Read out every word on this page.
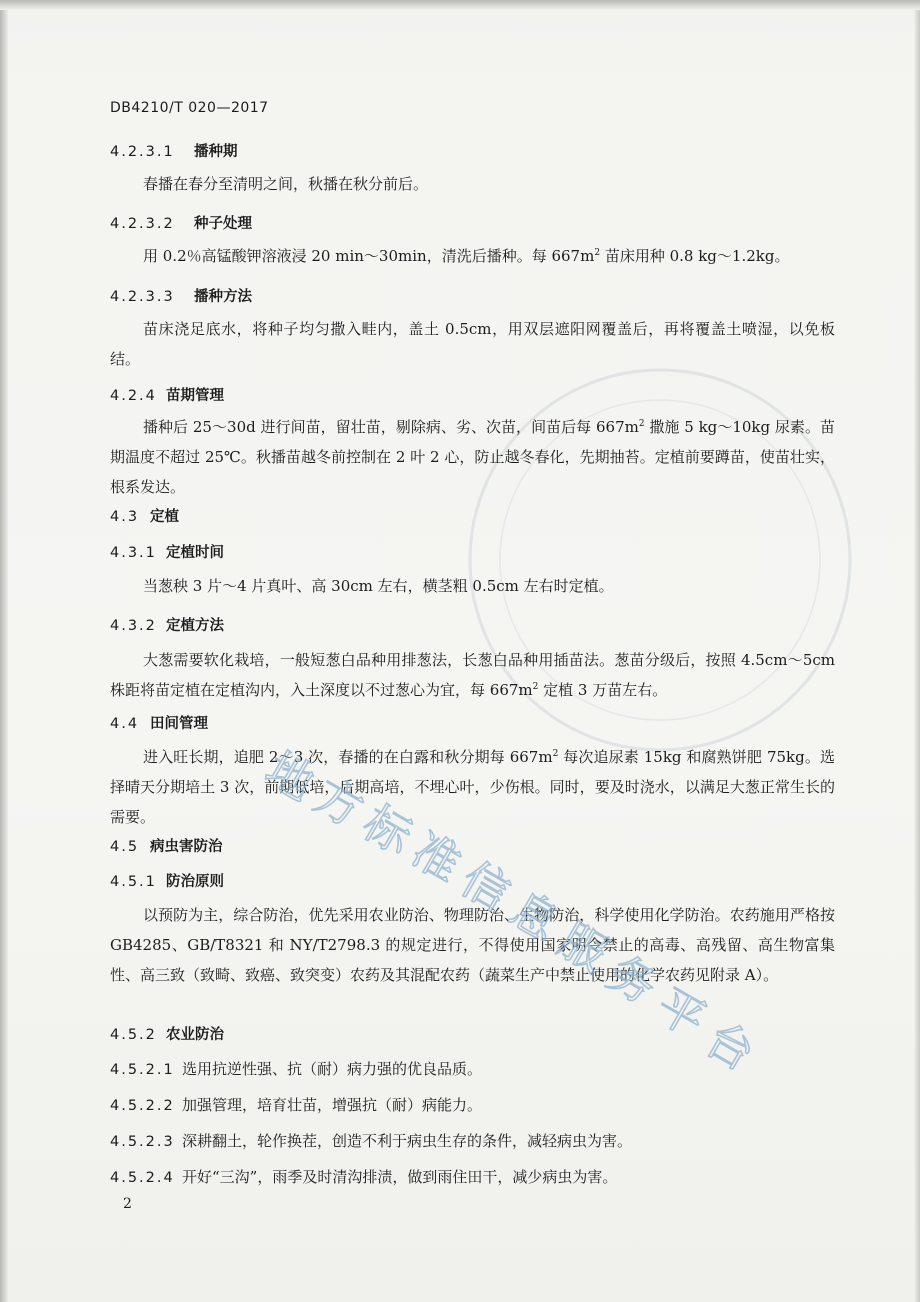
DB4210/T 020—2017
4.2.3.1 播种期
春播在春分至清明之间，秋播在秋分前后。
4.2.3.2 种子处理
用 0.2％高锰酸钾溶液浸 20 min～30min，清洗后播种。每 $667m^2$ 苗床用种 0.8 kg～1.2kg。
4.2.3.3 播种方法
苗床浇足底水，将种子均匀撒入畦内，盖土 0.5cm，用双层遮阳网覆盖后，再将覆盖土喷湿，以免板结。
4.2.4 苗期管理
播种后 25～30d 进行间苗，留壮苗，剔除病、劣、次苗，间苗后每 $667m^2$ 撒施 5 kg～10kg 尿素。苗期温度不超过 25℃。秋播苗越冬前控制在 2 叶 2 心，防止越冬春化，先期抽苔。定植前要蹲苗，使苗壮实，根系发达。
4.3 定植
4.3.1 定植时间
当葱秧 3 片～4 片真叶、高 30cm 左右，横茎粗 0.5cm 左右时定植。
4.3.2 定植方法
大葱需要软化栽培，一般短葱白品种用排葱法，长葱白品种用插苗法。葱苗分级后，按照 4.5cm～5cm 株距将苗定植在定植沟内，入土深度以不过葱心为宜，每 $667m^2$ 定植 3 万苗左右。
4.4 田间管理
进入旺长期，追肥 2～3 次，春播的在白露和秋分期每 $667m^2$ 每次追尿素 15kg 和腐熟饼肥 75kg。选择晴天分期培土 3 次，前期低培，后期高培，不埋心叶，少伤根。同时，要及时浇水，以满足大葱正常生长的需要。
4.5 病虫害防治
4.5.1 防治原则
以预防为主，综合防治，优先采用农业防治、物理防治、生物防治，科学使用化学防治。农药施用严格按 GB4285、GB/T8321 和 NY/T2798.3 的规定进行，不得使用国家明令禁止的高毒、高残留、高生物富集性、高三致（致畸、致癌、致突变）农药及其混配农药（蔬菜生产中禁止使用的化学农药见附录 A）。
4.5.2 农业防治
4.5.2.1 选用抗逆性强、抗（耐）病力强的优良品质。
4.5.2.2 加强管理，培育壮苗，增强抗（耐）病能力。
4.5.2.3 深耕翻土，轮作换茬，创造不利于病虫生存的条件，减轻病虫为害。
4.5.2.4 开好“三沟”，雨季及时清沟排渍，做到雨住田干，减少病虫为害。
2
地
方
标
准
信
息
服
务
平
台
